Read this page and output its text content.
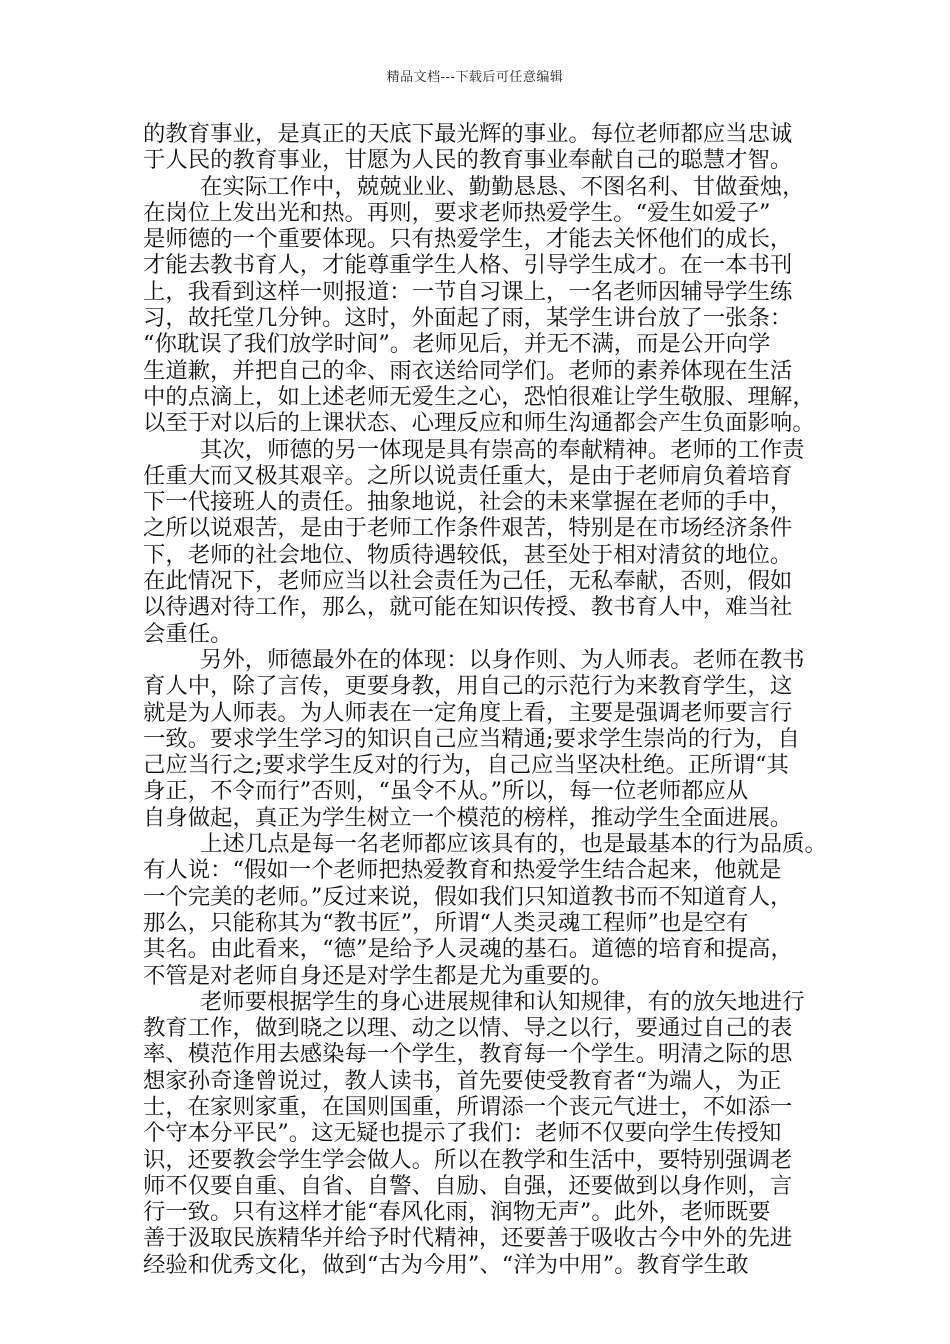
精品文档---下载后可任意编辑
的教育事业，是真正的天底下最光辉的事业。每位老师都应当忠诚
于人民的教育事业，甘愿为人民的教育事业奉献自己的聪慧才智。
在实际工作中，兢兢业业、勤勤恳恳、不图名利、甘做蚕烛，
在岗位上发出光和热。再则，要求老师热爱学生。“爱生如爱子”
是师德的一个重要体现。只有热爱学生，才能去关怀他们的成长，
才能去教书育人，才能尊重学生人格、引导学生成才。在一本书刊
上，我看到这样一则报道：一节自习课上，一名老师因辅导学生练
习，故托堂几分钟。这时，外面起了雨，某学生讲台放了一张条：
“你耽误了我们放学时间”。老师见后，并无不满，而是公开向学
生道歉，并把自己的伞、雨衣送给同学们。老师的素养体现在生活
中的点滴上，如上述老师无爱生之心，恐怕很难让学生敬服、理解，
以至于对以后的上课状态、心理反应和师生沟通都会产生负面影响。
其次，师德的另一体现是具有崇高的奉献精神。老师的工作责
任重大而又极其艰辛。之所以说责任重大，是由于老师肩负着培育
下一代接班人的责任。抽象地说，社会的未来掌握在老师的手中，
之所以说艰苦，是由于老师工作条件艰苦，特别是在市场经济条件
下，老师的社会地位、物质待遇较低，甚至处于相对清贫的地位。
在此情况下，老师应当以社会责任为己任，无私奉献，否则，假如
以待遇对待工作，那么，就可能在知识传授、教书育人中，难当社
会重任。
另外，师德最外在的体现：以身作则、为人师表。老师在教书
育人中，除了言传，更要身教，用自己的示范行为来教育学生，这
就是为人师表。为人师表在一定角度上看，主要是强调老师要言行
一致。要求学生学习的知识自己应当精通;要求学生崇尚的行为，自
己应当行之;要求学生反对的行为，自己应当坚决杜绝。正所谓“其
身正，不令而行”否则，“虽令不从。”所以，每一位老师都应从
自身做起，真正为学生树立一个模范的榜样，推动学生全面进展。
上述几点是每一名老师都应该具有的，也是最基本的行为品质。
有人说：“假如一个老师把热爱教育和热爱学生结合起来，他就是
一个完美的老师。”反过来说，假如我们只知道教书而不知道育人，
那么，只能称其为“教书匠”，所谓“人类灵魂工程师”也是空有
其名。由此看来，“德”是给予人灵魂的基石。道德的培育和提高，
不管是对老师自身还是对学生都是尤为重要的。
老师要根据学生的身心进展规律和认知规律，有的放矢地进行
教育工作，做到晓之以理、动之以情、导之以行，要通过自己的表
率、模范作用去感染每一个学生，教育每一个学生。明清之际的思
想家孙奇逢曾说过，教人读书，首先要使受教育者“为端人，为正
士，在家则家重，在国则国重，所谓添一个丧元气进士，不如添一
个守本分平民”。这无疑也提示了我们：老师不仅要向学生传授知
识，还要教会学生学会做人。所以在教学和生活中，要特别强调老
师不仅要自重、自省、自警、自励、自强，还要做到以身作则，言
行一致。只有这样才能“春风化雨，润物无声”。此外，老师既要
善于汲取民族精华并给予时代精神，还要善于吸收古今中外的先进
经验和优秀文化，做到“古为今用”、“洋为中用”。教育学生敢
